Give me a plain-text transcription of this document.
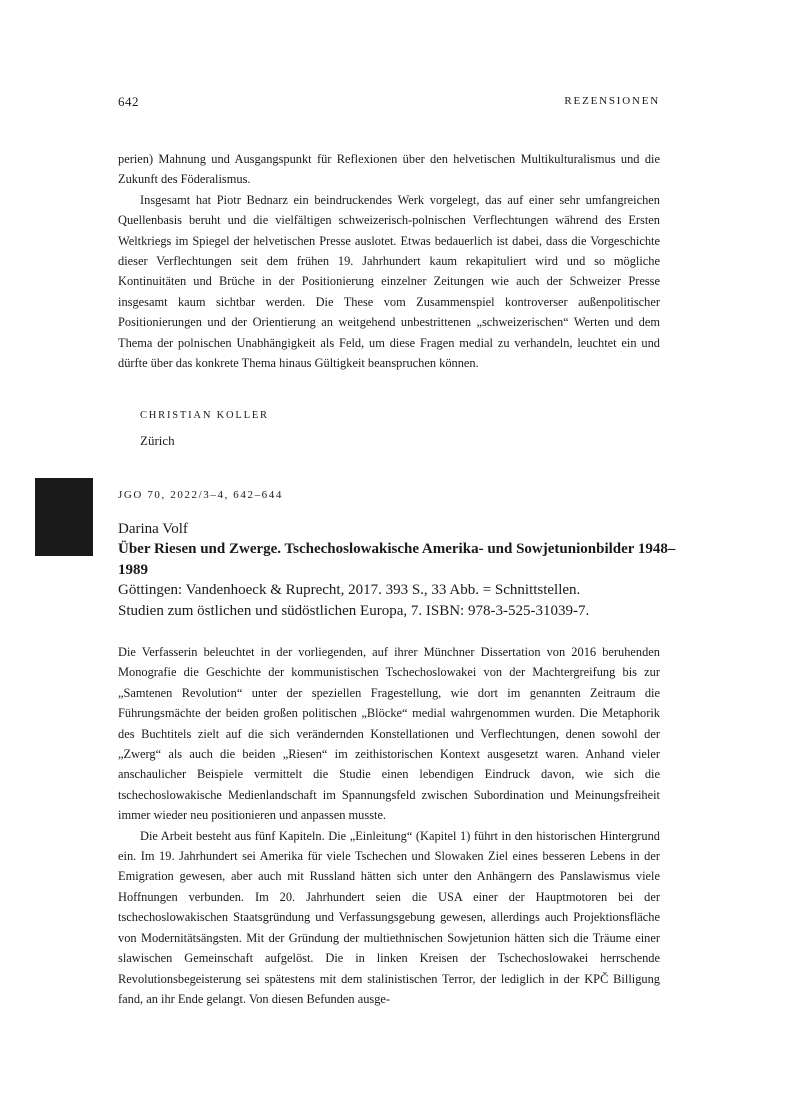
642	REZENSIONEN

perien) Mahnung und Ausgangspunkt für Reflexionen über den helvetischen Multikulturalismus und die Zukunft des Föderalismus.

Insgesamt hat Piotr Bednarz ein beindruckendes Werk vorgelegt, das auf einer sehr umfangreichen Quellenbasis beruht und die vielfältigen schweizerisch-polnischen Verflechtungen während des Ersten Weltkriegs im Spiegel der helvetischen Presse auslotet. Etwas bedauerlich ist dabei, dass die Vorgeschichte dieser Verflechtungen seit dem frühen 19. Jahrhundert kaum rekapituliert wird und so mögliche Kontinuitäten und Brüche in der Positionierung einzelner Zeitungen wie auch der Schweizer Presse insgesamt kaum sichtbar werden. Die These vom Zusammenspiel kontroverser außenpolitischer Positionierungen und der Orientierung an weitgehend unbestrittenen „schweizerischen“ Werten und dem Thema der polnischen Unabhängigkeit als Feld, um diese Fragen medial zu verhandeln, leuchtet ein und dürfte über das konkrete Thema hinaus Gültigkeit beanspruchen können.

CHRISTIAN KOLLER
Zürich
JGO 70, 2022/3–4, 642–644
Darina Volf
Über Riesen und Zwerge. Tschechoslowakische Amerika- und Sowjetunionbilder 1948–1989
Göttingen: Vandenhoeck & Ruprecht, 2017. 393 S., 33 Abb. = Schnittstellen.
Studien zum östlichen und südöstlichen Europa, 7. ISBN: 978-3-525-31039-7.

Die Verfasserin beleuchtet in der vorliegenden, auf ihrer Münchner Dissertation von 2016 beruhenden Monografie die Geschichte der kommunistischen Tschechoslowakei von der Machtergreifung bis zur „Samtenen Revolution“ unter der speziellen Fragestellung, wie dort im genannten Zeitraum die Führungsmächte der beiden großen politischen „Blöcke“ medial wahrgenommen wurden. Die Metaphorik des Buchtitels zielt auf die sich verändernden Konstellationen und Verflechtungen, denen sowohl der „Zwerg“ als auch die beiden „Riesen“ im zeithistorischen Kontext ausgesetzt waren. Anhand vieler anschaulicher Beispiele vermittelt die Studie einen lebendigen Eindruck davon, wie sich die tschechoslowakische Medienlandschaft im Spannungsfeld zwischen Subordination und Meinungsfreiheit immer wieder neu positionieren und anpassen musste.

Die Arbeit besteht aus fünf Kapiteln. Die „Einleitung“ (Kapitel 1) führt in den historischen Hintergrund ein. Im 19. Jahrhundert sei Amerika für viele Tschechen und Slowaken Ziel eines besseren Lebens in der Emigration gewesen, aber auch mit Russland hätten sich unter den Anhängern des Panslawismus viele Hoffnungen verbunden. Im 20. Jahrhundert seien die USA einer der Hauptmotoren bei der tschechoslowakischen Staatsgründung und Verfassungsgebung gewesen, allerdings auch Projektionsfläche von Modernitätsängsten. Mit der Gründung der multiethnischen Sowjetunion hätten sich die Träume einer slawischen Gemeinschaft aufgelöst. Die in linken Kreisen der Tschechoslowakei herrschende Revolutionsbegeisterung sei spätestens mit dem stalinistischen Terror, der lediglich in der KPČ Billigung fand, an ihr Ende gelangt. Von diesen Befunden ausge-
